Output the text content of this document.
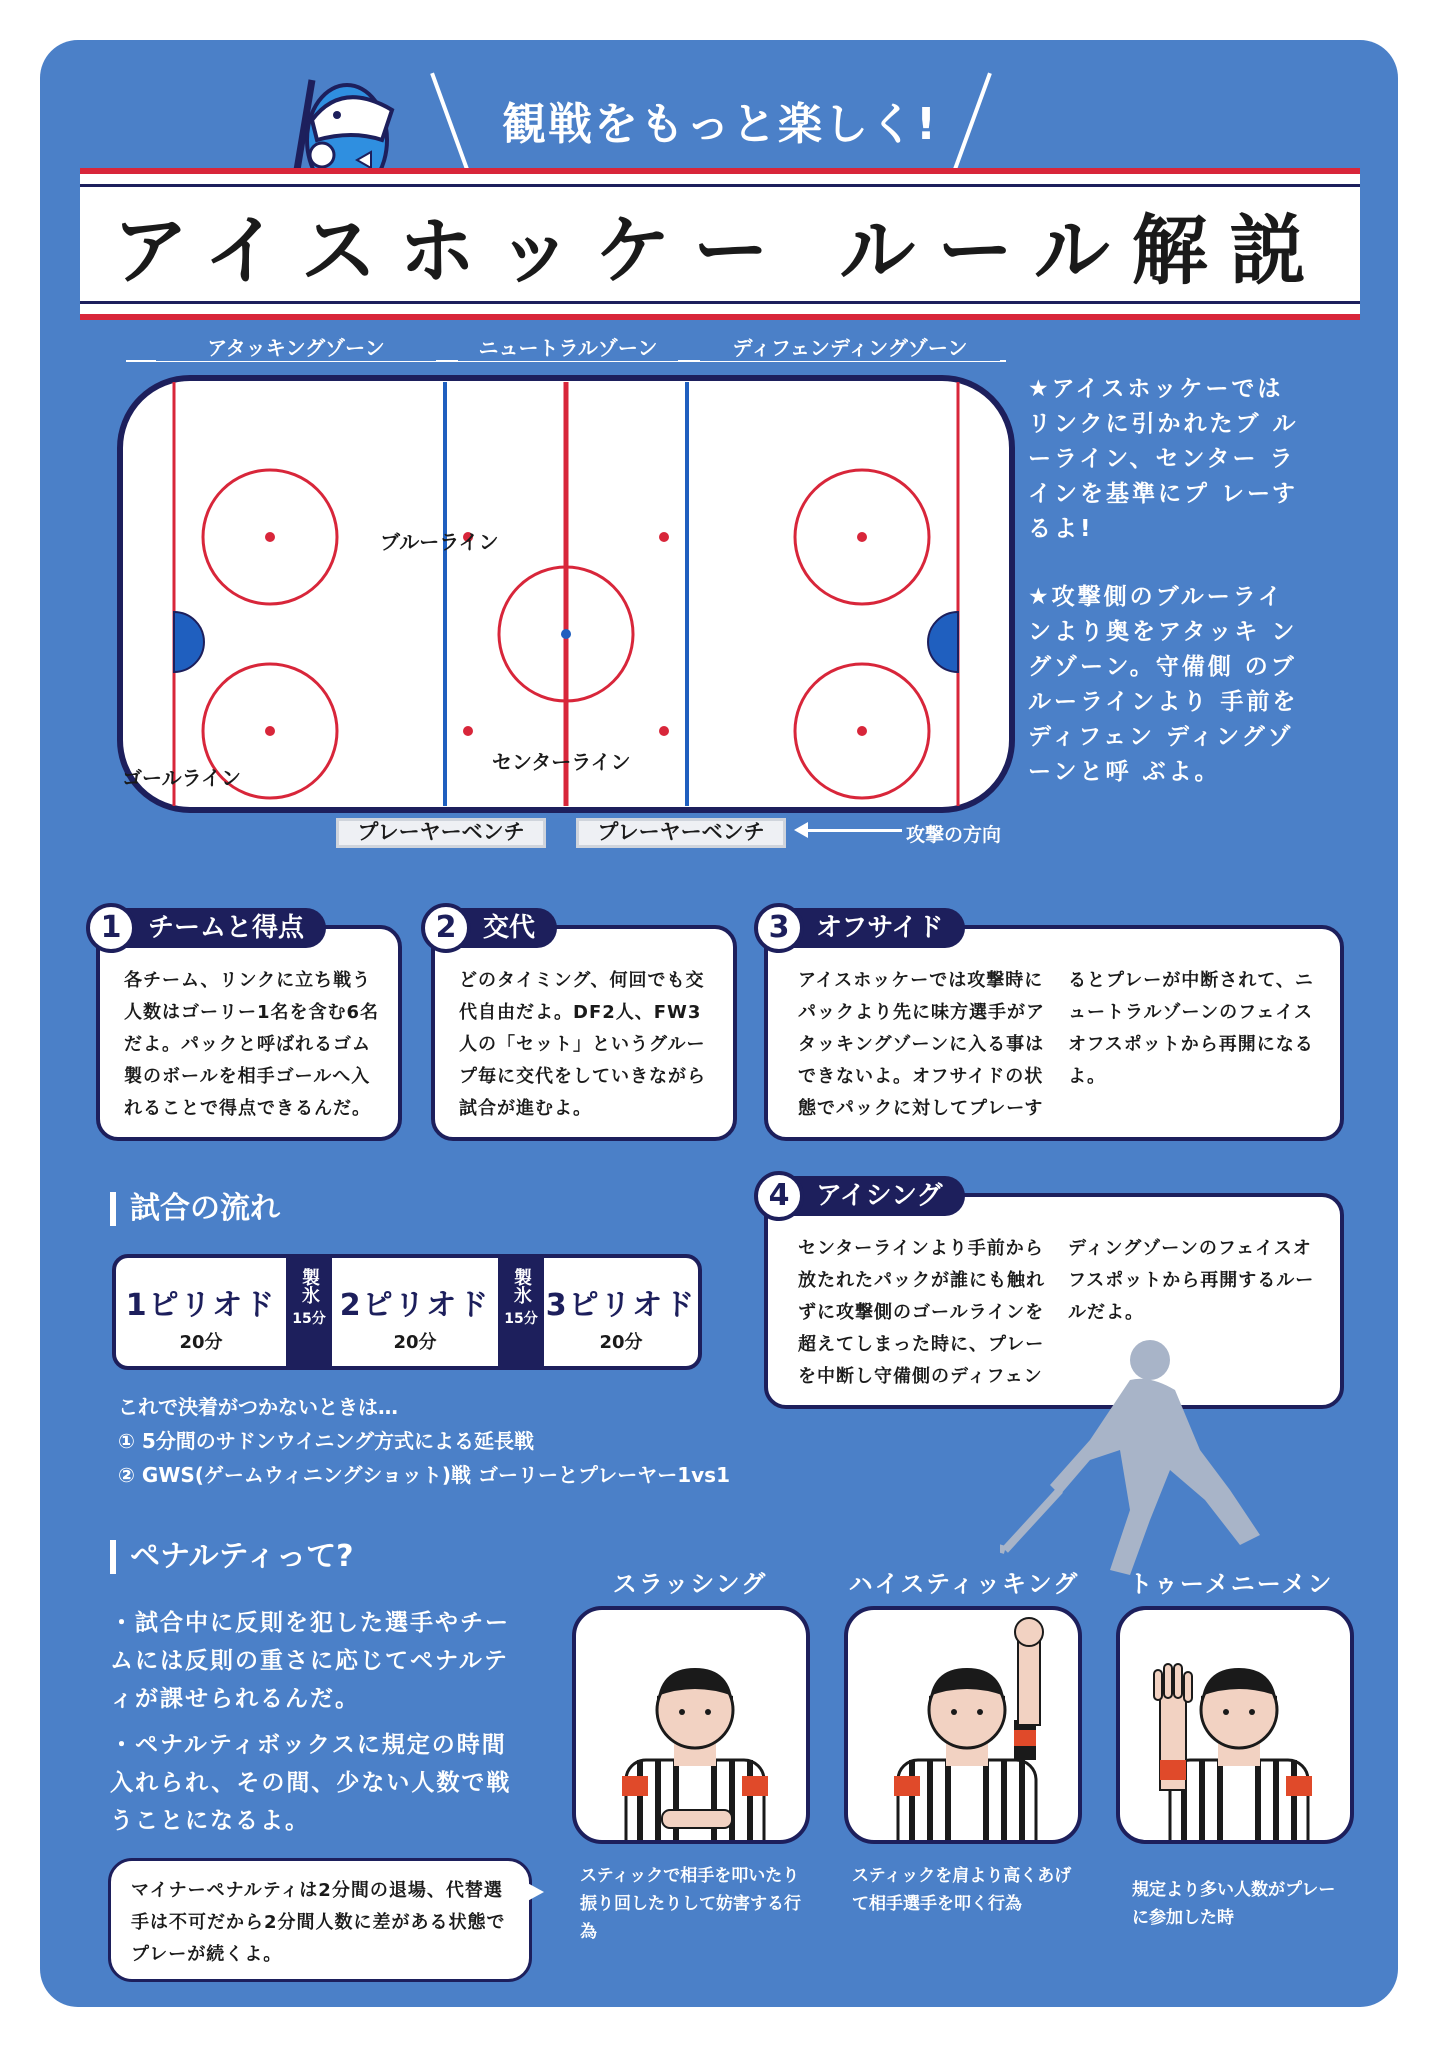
観戦をもっと楽しく!
アイスホッケー ルール解説
アタッキングゾーン	ニュートラルゾーン	ディフェンディングゾーン
ブルーライン
センターライン
ゴールライン
プレーヤーベンチ	プレーヤーベンチ	攻撃の方向
★アイスホッケーでは リンクに引かれたブ ルーライン、センター ラインを基準にプ レーするよ!
★攻撃側のブルーライ ンより奥をアタッキ ングゾーン。守備側 のブルーラインより 手前をディフェン ディングゾーンと呼 ぶよ。
各チーム、リンクに立ち戦う人数はゴーリー1名を含む6名だよ。パックと呼ばれるゴム製のボールを相手ゴールへ入れることで得点できるんだ。
チームと得点
1
どのタイミング、何回でも交代自由だよ。DF2人、FW3人の「セット」というグループ毎に交代をしていきながら試合が進むよ。
交代
2
アイスホッケーでは攻撃時にパックより先に味方選手がアタッキングゾーンに入る事はできないよ。オフサイドの状態でパックに対してプレーす
るとプレーが中断されて、ニュートラルゾーンのフェイスオフスポットから再開になるよ。
オフサイド
3
センターラインより手前から放たれたパックが誰にも触れずに攻撃側のゴールラインを超えてしまった時に、プレーを中断し守備側のディフェン
ディングゾーンのフェイスオフスポットから再開するルールだよ。
アイシング
4
試合の流れ
1ピリオド
20分
製氷
15分 2ピリオド
20分
製氷
15分 3ピリオド
20分
これで決着がつかないときは…
① 5分間のサドンウイニング方式による延長戦
② GWS(ゲームウィニングショット)戦 ゴーリーとプレーヤー1vs1
ペナルティって?
・試合中に反則を犯した選手やチームには反則の重さに応じてペナルティが課せられるんだ。
・ペナルティボックスに規定の時間入れられ、その間、少ない人数で戦うことになるよ。
マイナーペナルティは2分間の退場、代替選手は不可だから2分間人数に差がある状態でプレーが続くよ。
スラッシング
スティックで相手を叩いたり振り回したりして妨害する行為
ハイスティッキング
スティックを肩より高くあげて相手選手を叩く行為
トゥーメニーメン
規定より多い人数がプレーに参加した時
